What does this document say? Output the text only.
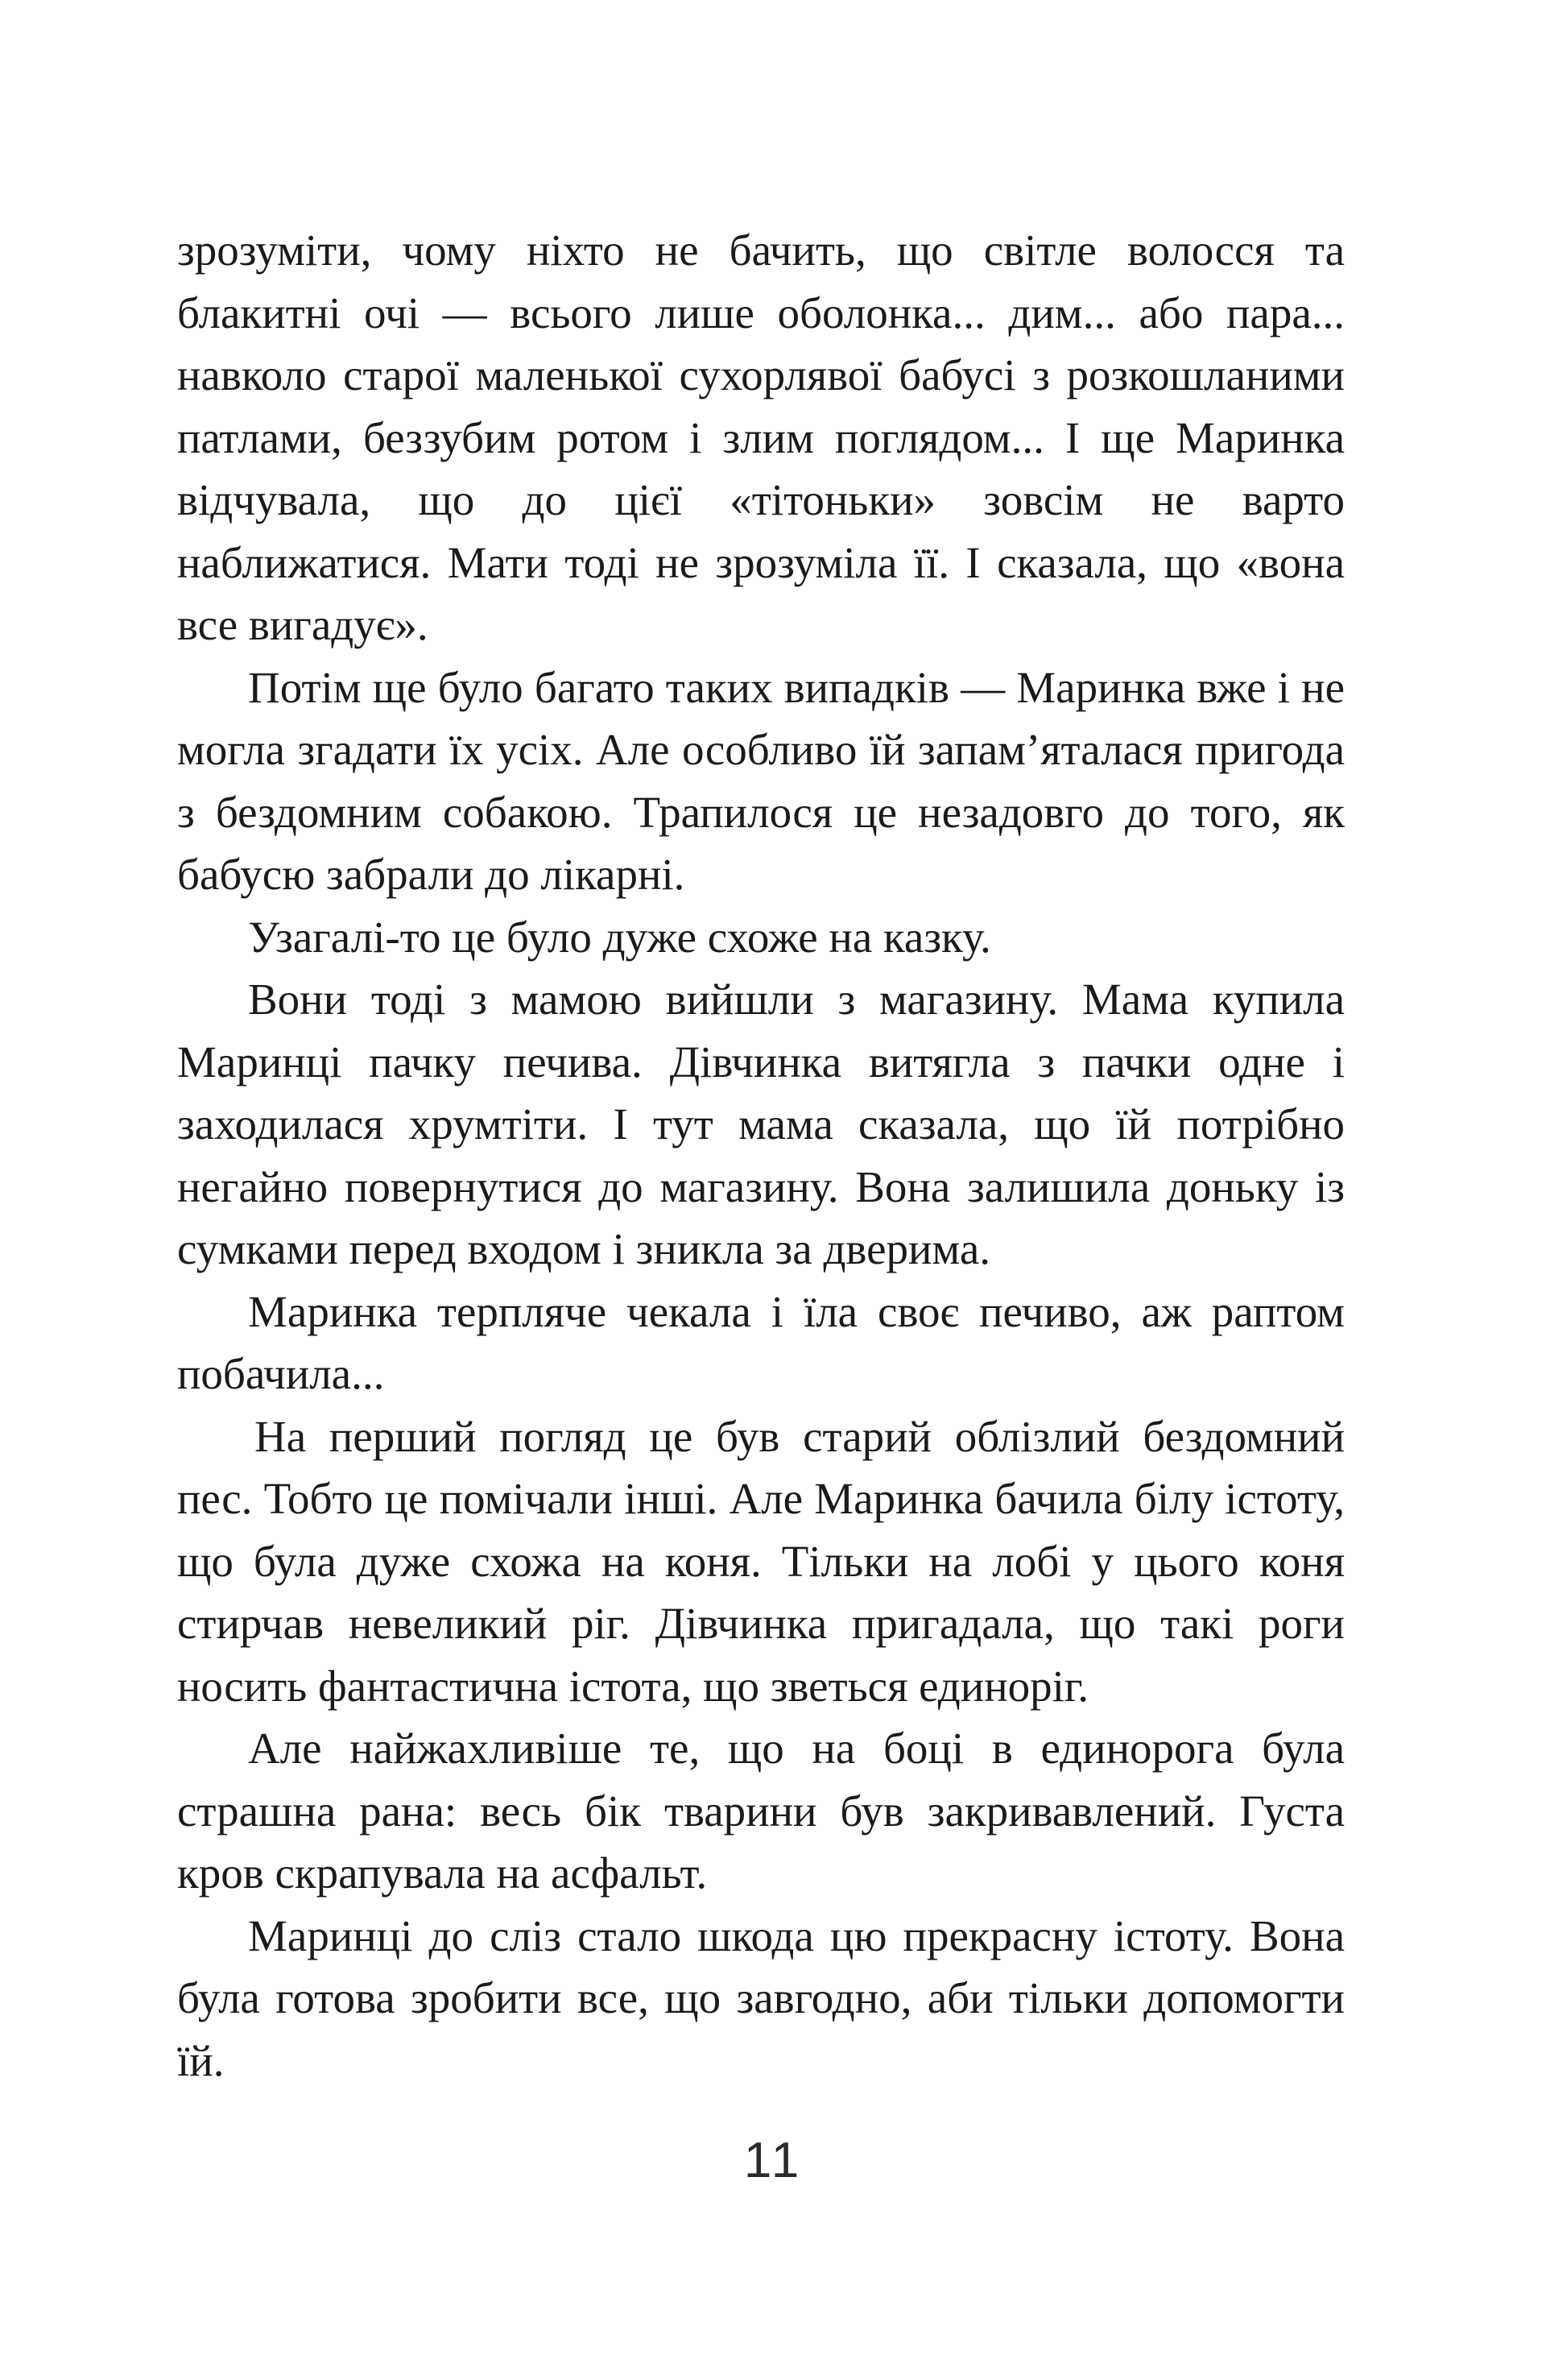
зрозуміти, чому ніхто не бачить, що світле волосся та блакитні очі — всього лише оболонка... дим... або пара... навколо старої маленької сухорлявої бабусі з розкошланими патлами, беззубим ротом і злим поглядом... І ще Маринка відчувала, що до цієї «тітоньки» зовсім не варто наближатися. Мати тоді не зрозуміла її. І сказала, що «вона все вигадує».

Потім ще було багато таких випадків — Маринка вже і не могла згадати їх усіх. Але особливо їй запам’яталася пригода з бездомним собакою. Трапилося це незадовго до того, як бабусю забрали до лікарні.

Узагалі-то це було дуже схоже на казку.

Вони тоді з мамою вийшли з магазину. Мама купила Маринці пачку печива. Дівчинка витягла з пачки одне і заходилася хрумтіти. І тут мама сказала, що їй потрібно негайно повернутися до магазину. Вона залишила доньку із сумками перед входом і зникла за дверима.

Маринка терпляче чекала і їла своє печиво, аж раптом побачила...

На перший погляд це був старий облізлий бездомний пес. Тобто це помічали інші. Але Маринка бачила білу істоту, що була дуже схожа на коня. Тільки на лобі у цього коня стирчав невеликий ріг. Дівчинка пригадала, що такі роги носить фантастична істота, що зветься единоріг.

Але найжахливіше те, що на боці в единорога була страшна рана: весь бік тварини був закривавлений. Густа кров скрапувала на асфальт.

Маринці до сліз стало шкода цю прекрасну істоту. Вона була готова зробити все, що завгодно, аби тільки допомогти їй.

11
